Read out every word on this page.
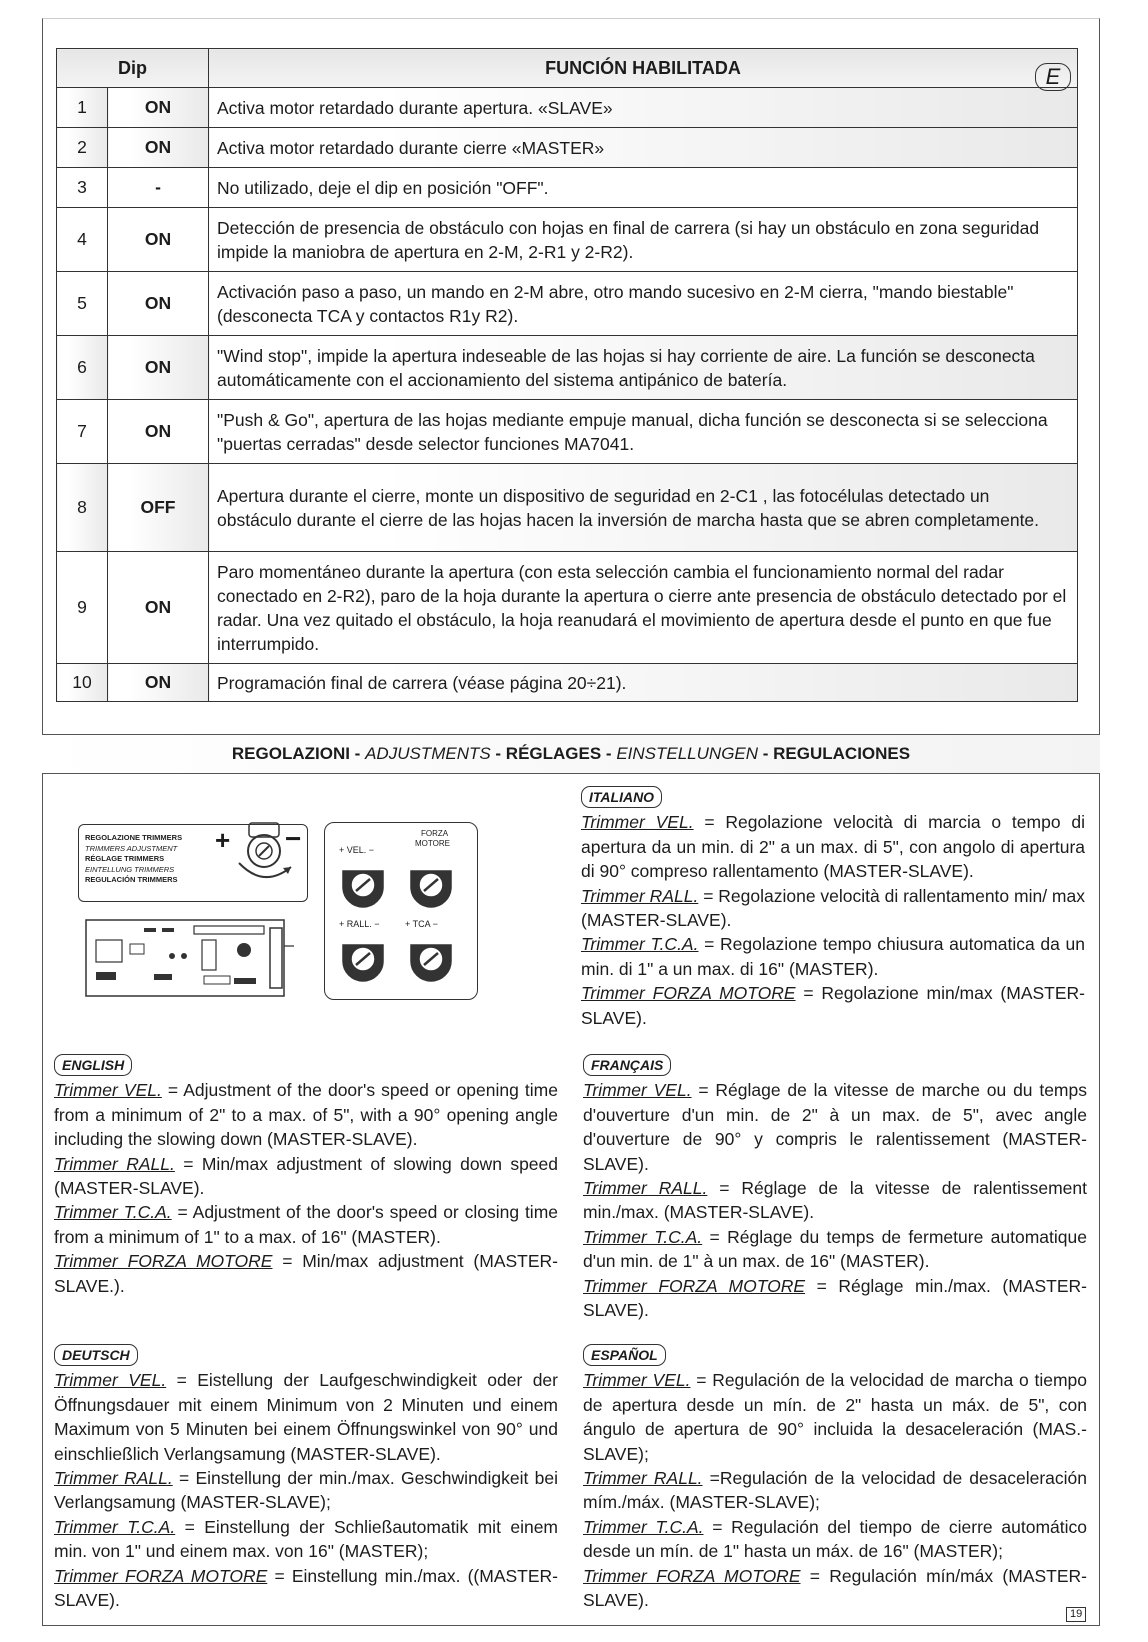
Dip		FUNCIÓN HABILITADA E

1	ON	Activa motor retardado durante apertura. «SLAVE»
2	ON	Activa motor retardado durante cierre «MASTER»
3	-	No utilizado, deje el dip en posición "OFF".
4	ON	Detección de presencia de obstáculo con hojas en final de carrera (si hay un obstáculo en zona seguridad impide la maniobra de apertura en 2-M, 2-R1 y 2-R2).
5	ON	Activación paso a paso, un mando en 2-M abre, otro mando sucesivo en 2-M cierra, "mando biestable" (desconecta TCA y contactos R1y R2).
6	ON	"Wind stop", impide la apertura indeseable de las hojas si hay corriente de aire. La función se desconecta automáticamente con el accionamiento del sistema antipánico de batería.
7	ON	"Push & Go", apertura de las hojas mediante empuje manual, dicha función se desconecta si se selecciona "puertas cerradas" desde selector funciones MA7041.
8	OFF	Apertura durante el cierre, monte un dispositivo de seguridad en 2-C1 , las fotocélulas detectado un obstáculo durante el cierre de las hojas hacen la inversión de marcha hasta que se abren completamente.
9	ON	Paro momentáneo durante la apertura (con esta selección cambia el funcionamiento normal del radar conectado en 2-R2), paro de la hoja durante la apertura o cierre ante presencia de obstáculo detectado por el radar. Una vez quitado el obstáculo, la hoja reanudará el movimiento de apertura desde el punto en que fue interrumpido.
10	ON	Programación final de carrera (véase página 20÷21).
REGOLAZIONI - ADJUSTMENTS - RÉGLAGES - EINSTELLUNGEN - REGULACIONES
REGOLAZIONE TRIMMERS
TRIMMERS ADJUSTMENT
RÉGLAGE TRIMMERS
EINTELLUNG TRIMMERS
REGULACIÓN TRIMMERS
+ −	+ VEL. −
FORZA
MOTORE
+ RALL. −	+ TCA −
ITALIANO

Trimmer VEL. = Regolazione velocità di marcia o tempo di apertura da un min. di 2" a un max. di 5", con angolo di apertura di 90° compreso rallentamento (MASTER-SLAVE).

Trimmer RALL. = Regolazione velocità di rallentamento min/ max (MASTER-SLAVE).

Trimmer T.C.A. = Regolazione tempo chiusura automatica da un min. di 1" a un max. di 16" (MASTER).

Trimmer FORZA MOTORE = Regolazione min/max (MASTER-SLAVE).

ENGLISH

Trimmer VEL. = Adjustment of the door's speed or opening time from a minimum of 2" to a max. of 5", with a 90° opening angle including the slowing down (MASTER-SLAVE).

Trimmer RALL. = Min/max adjustment of slowing down speed (MASTER-SLAVE).

Trimmer T.C.A. = Adjustment of the door's speed or closing time from a minimum of 1" to a max. of 16" (MASTER).

Trimmer FORZA MOTORE = Min/max adjustment (MASTER-SLAVE.).

FRANÇAIS

Trimmer VEL. = Réglage de la vitesse de marche ou du temps d'ouverture d'un min. de 2" à un max. de 5", avec angle d'ouverture de 90° y compris le ralentissement (MASTER-SLAVE).

Trimmer RALL. = Réglage de la vitesse de ralentissement min./max. (MASTER-SLAVE).

Trimmer T.C.A. = Réglage du temps de fermeture automatique d'un min. de 1" à un max. de 16" (MASTER).

Trimmer FORZA MOTORE = Réglage min./max. (MASTER-SLAVE).

DEUTSCH

Trimmer VEL. = Eistellung der Laufgeschwindigkeit oder der Öffnungsdauer mit einem Minimum von 2 Minuten und einem Maximum von 5 Minuten bei einem Öffnungswinkel von 90° und einschließlich Verlangsamung (MASTER-SLAVE).

Trimmer RALL. = Einstellung der min./max. Geschwindigkeit bei Verlangsamung (MASTER-SLAVE);

Trimmer T.C.A. = Einstellung der Schließautomatik mit einem min. von 1" und einem max. von 16" (MASTER);

Trimmer FORZA MOTORE = Einstellung min./max. ((MASTER-SLAVE).

ESPAÑOL

Trimmer VEL. = Regulación de la velocidad de marcha o tiempo de apertura desde un mín. de 2" hasta un máx. de 5", con ángulo de apertura de 90° incluida la desaceleración (MAS.-SLAVE);

Trimmer RALL. =Regulación de la velocidad de desaceleración mím./máx. (MASTER-SLAVE);

Trimmer T.C.A. = Regulación del tiempo de cierre automático desde un mín. de 1" hasta un máx. de 16" (MASTER);

Trimmer FORZA MOTORE = Regulación mín/máx (MASTER-SLAVE).

19
